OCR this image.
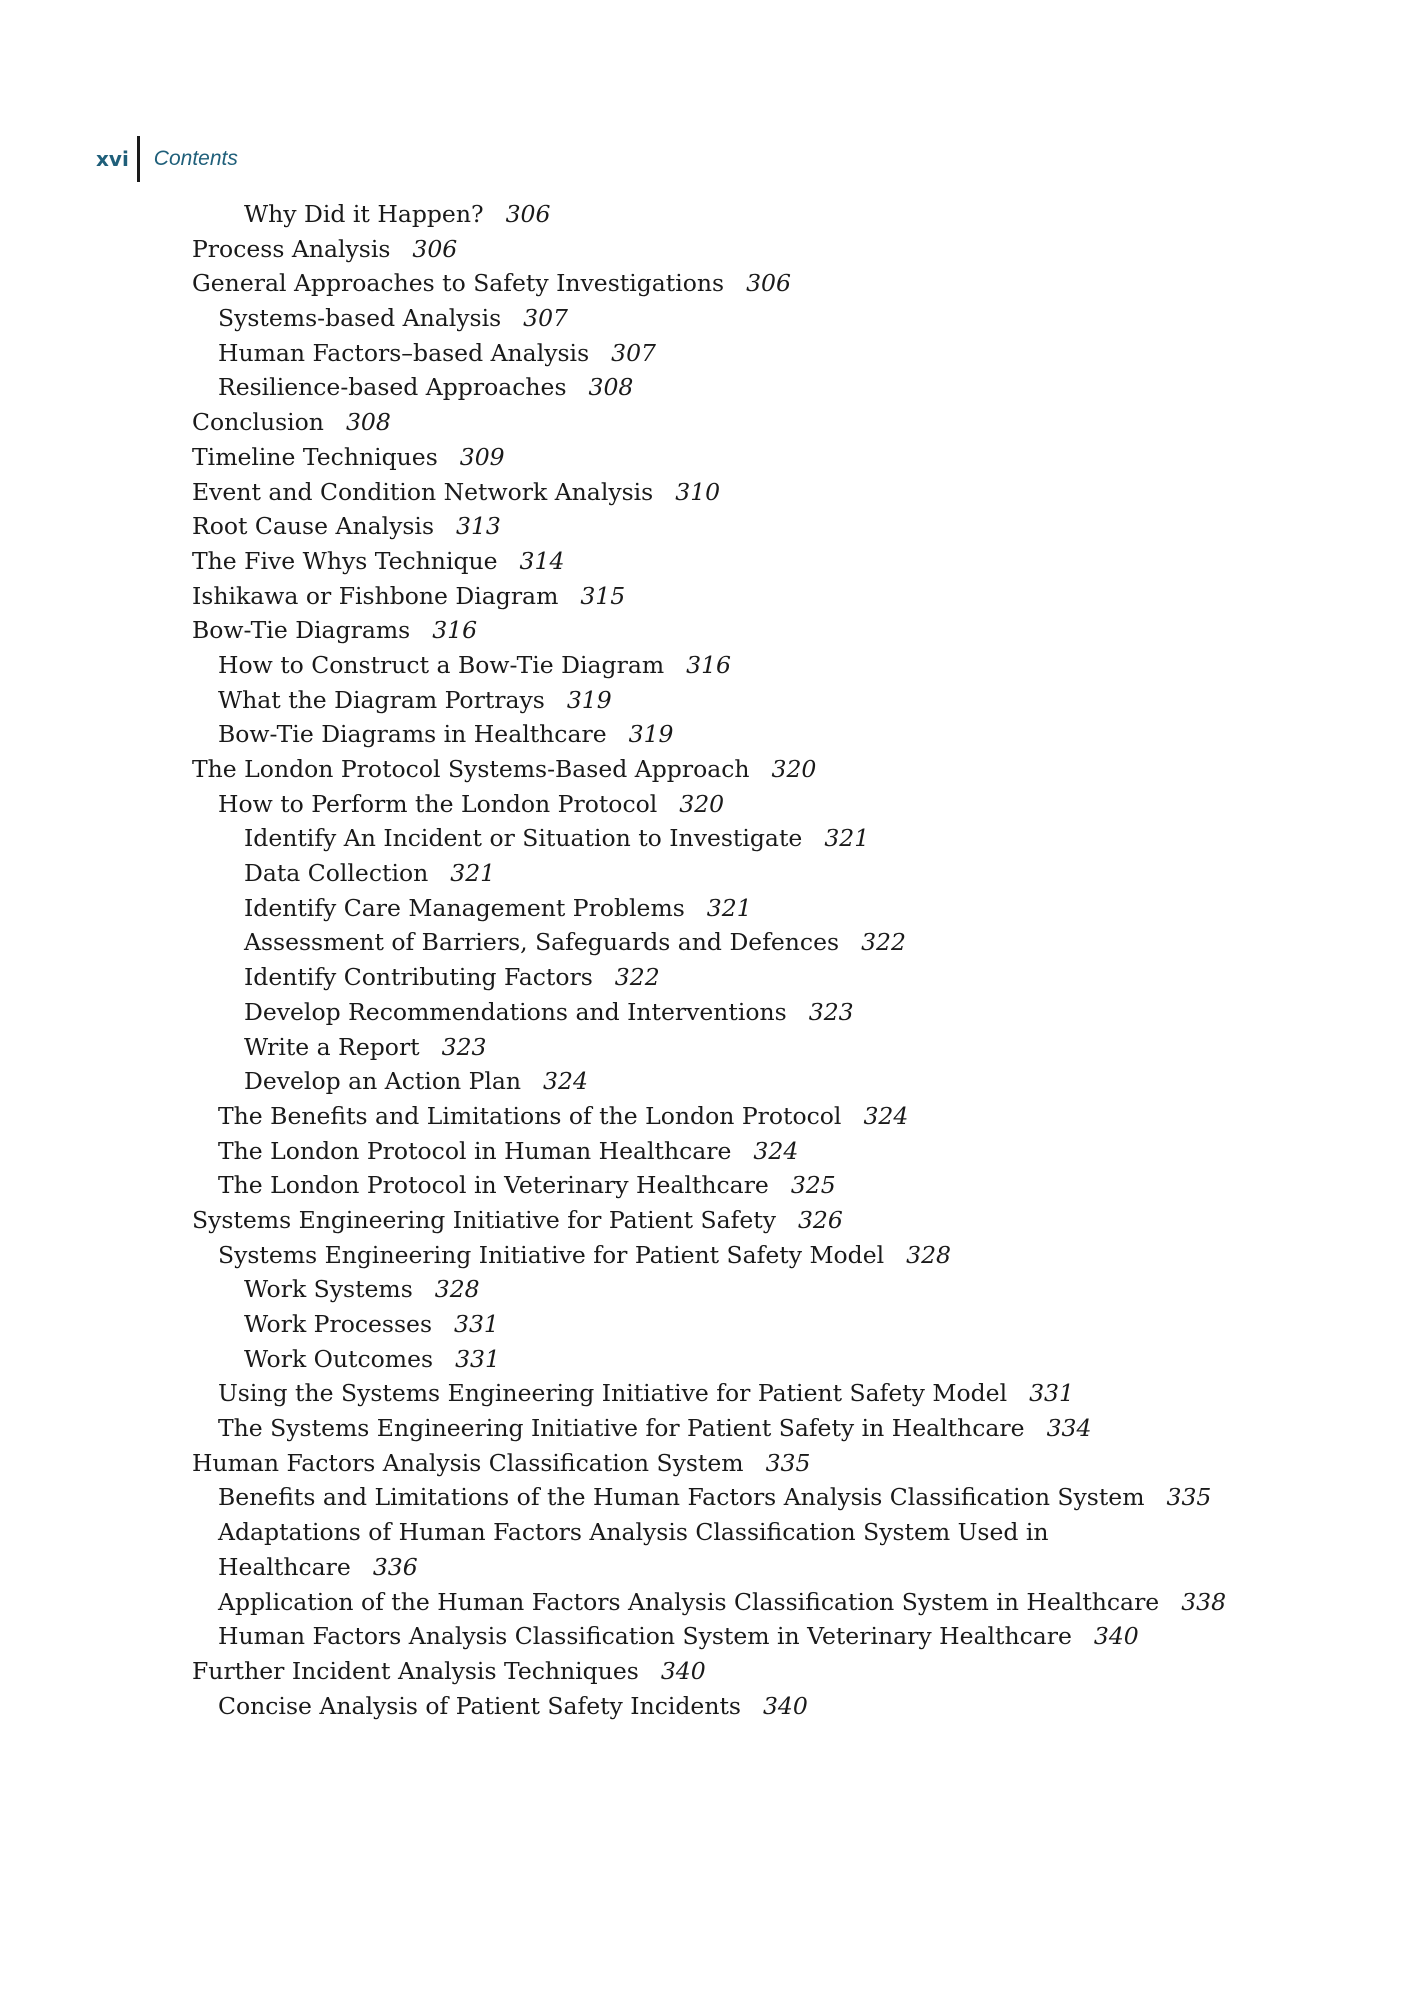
xvi Contents
Why Did it Happen? 306
Process Analysis 306
General Approaches to Safety Investigations 306
Systems-based Analysis 307
Human Factors–based Analysis 307
Resilience-based Approaches 308
Conclusion 308
Timeline Techniques 309
Event and Condition Network Analysis 310
Root Cause Analysis 313
The Five Whys Technique 314
Ishikawa or Fishbone Diagram 315
Bow-Tie Diagrams 316
How to Construct a Bow-Tie Diagram 316
What the Diagram Portrays 319
Bow-Tie Diagrams in Healthcare 319
The London Protocol Systems-Based Approach 320
How to Perform the London Protocol 320
Identify An Incident or Situation to Investigate 321
Data Collection 321
Identify Care Management Problems 321
Assessment of Barriers, Safeguards and Defences 322
Identify Contributing Factors 322
Develop Recommendations and Interventions 323
Write a Report 323
Develop an Action Plan 324
The Benefits and Limitations of the London Protocol 324
The London Protocol in Human Healthcare 324
The London Protocol in Veterinary Healthcare 325
Systems Engineering Initiative for Patient Safety 326
Systems Engineering Initiative for Patient Safety Model 328
Work Systems 328
Work Processes 331
Work Outcomes 331
Using the Systems Engineering Initiative for Patient Safety Model 331
The Systems Engineering Initiative for Patient Safety in Healthcare 334
Human Factors Analysis Classification System 335
Benefits and Limitations of the Human Factors Analysis Classification System 335
Adaptations of Human Factors Analysis Classification System Used in
Healthcare 336
Application of the Human Factors Analysis Classification System in Healthcare 338
Human Factors Analysis Classification System in Veterinary Healthcare 340
Further Incident Analysis Techniques 340
Concise Analysis of Patient Safety Incidents 340
